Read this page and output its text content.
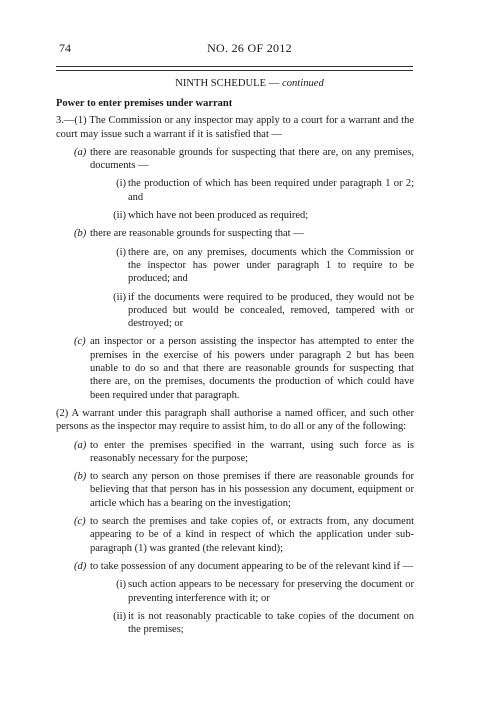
74	NO. 26 OF 2012
NINTH SCHEDULE — continued

Power to enter premises under warrant

3.—(1) The Commission or any inspector may apply to a court for a warrant and the court may issue such a warrant if it is satisfied that —

(a) there are reasonable grounds for suspecting that there are, on any premises, documents —
(i) the production of which has been required under paragraph 1 or 2; and
(ii) which have not been produced as required;
(b) there are reasonable grounds for suspecting that —
(i) there are, on any premises, documents which the Commission or the inspector has power under paragraph 1 to require to be produced; and
(ii) if the documents were required to be produced, they would not be produced but would be concealed, removed, tampered with or destroyed; or
(c) an inspector or a person assisting the inspector has attempted to enter the premises in the exercise of his powers under paragraph 2 but has been unable to do so and that there are reasonable grounds for suspecting that there are, on the premises, documents the production of which could have been required under that paragraph.

(2) A warrant under this paragraph shall authorise a named officer, and such other persons as the inspector may require to assist him, to do all or any of the following:

(a) to enter the premises specified in the warrant, using such force as is reasonably necessary for the purpose;
(b) to search any person on those premises if there are reasonable grounds for believing that that person has in his possession any document, equipment or article which has a bearing on the investigation;
(c) to search the premises and take copies of, or extracts from, any document appearing to be of a kind in respect of which the application under sub-paragraph (1) was granted (the relevant kind);
(d) to take possession of any document appearing to be of the relevant kind if —
(i) such action appears to be necessary for preserving the document or preventing interference with it; or
(ii) it is not reasonably practicable to take copies of the document on the premises;
